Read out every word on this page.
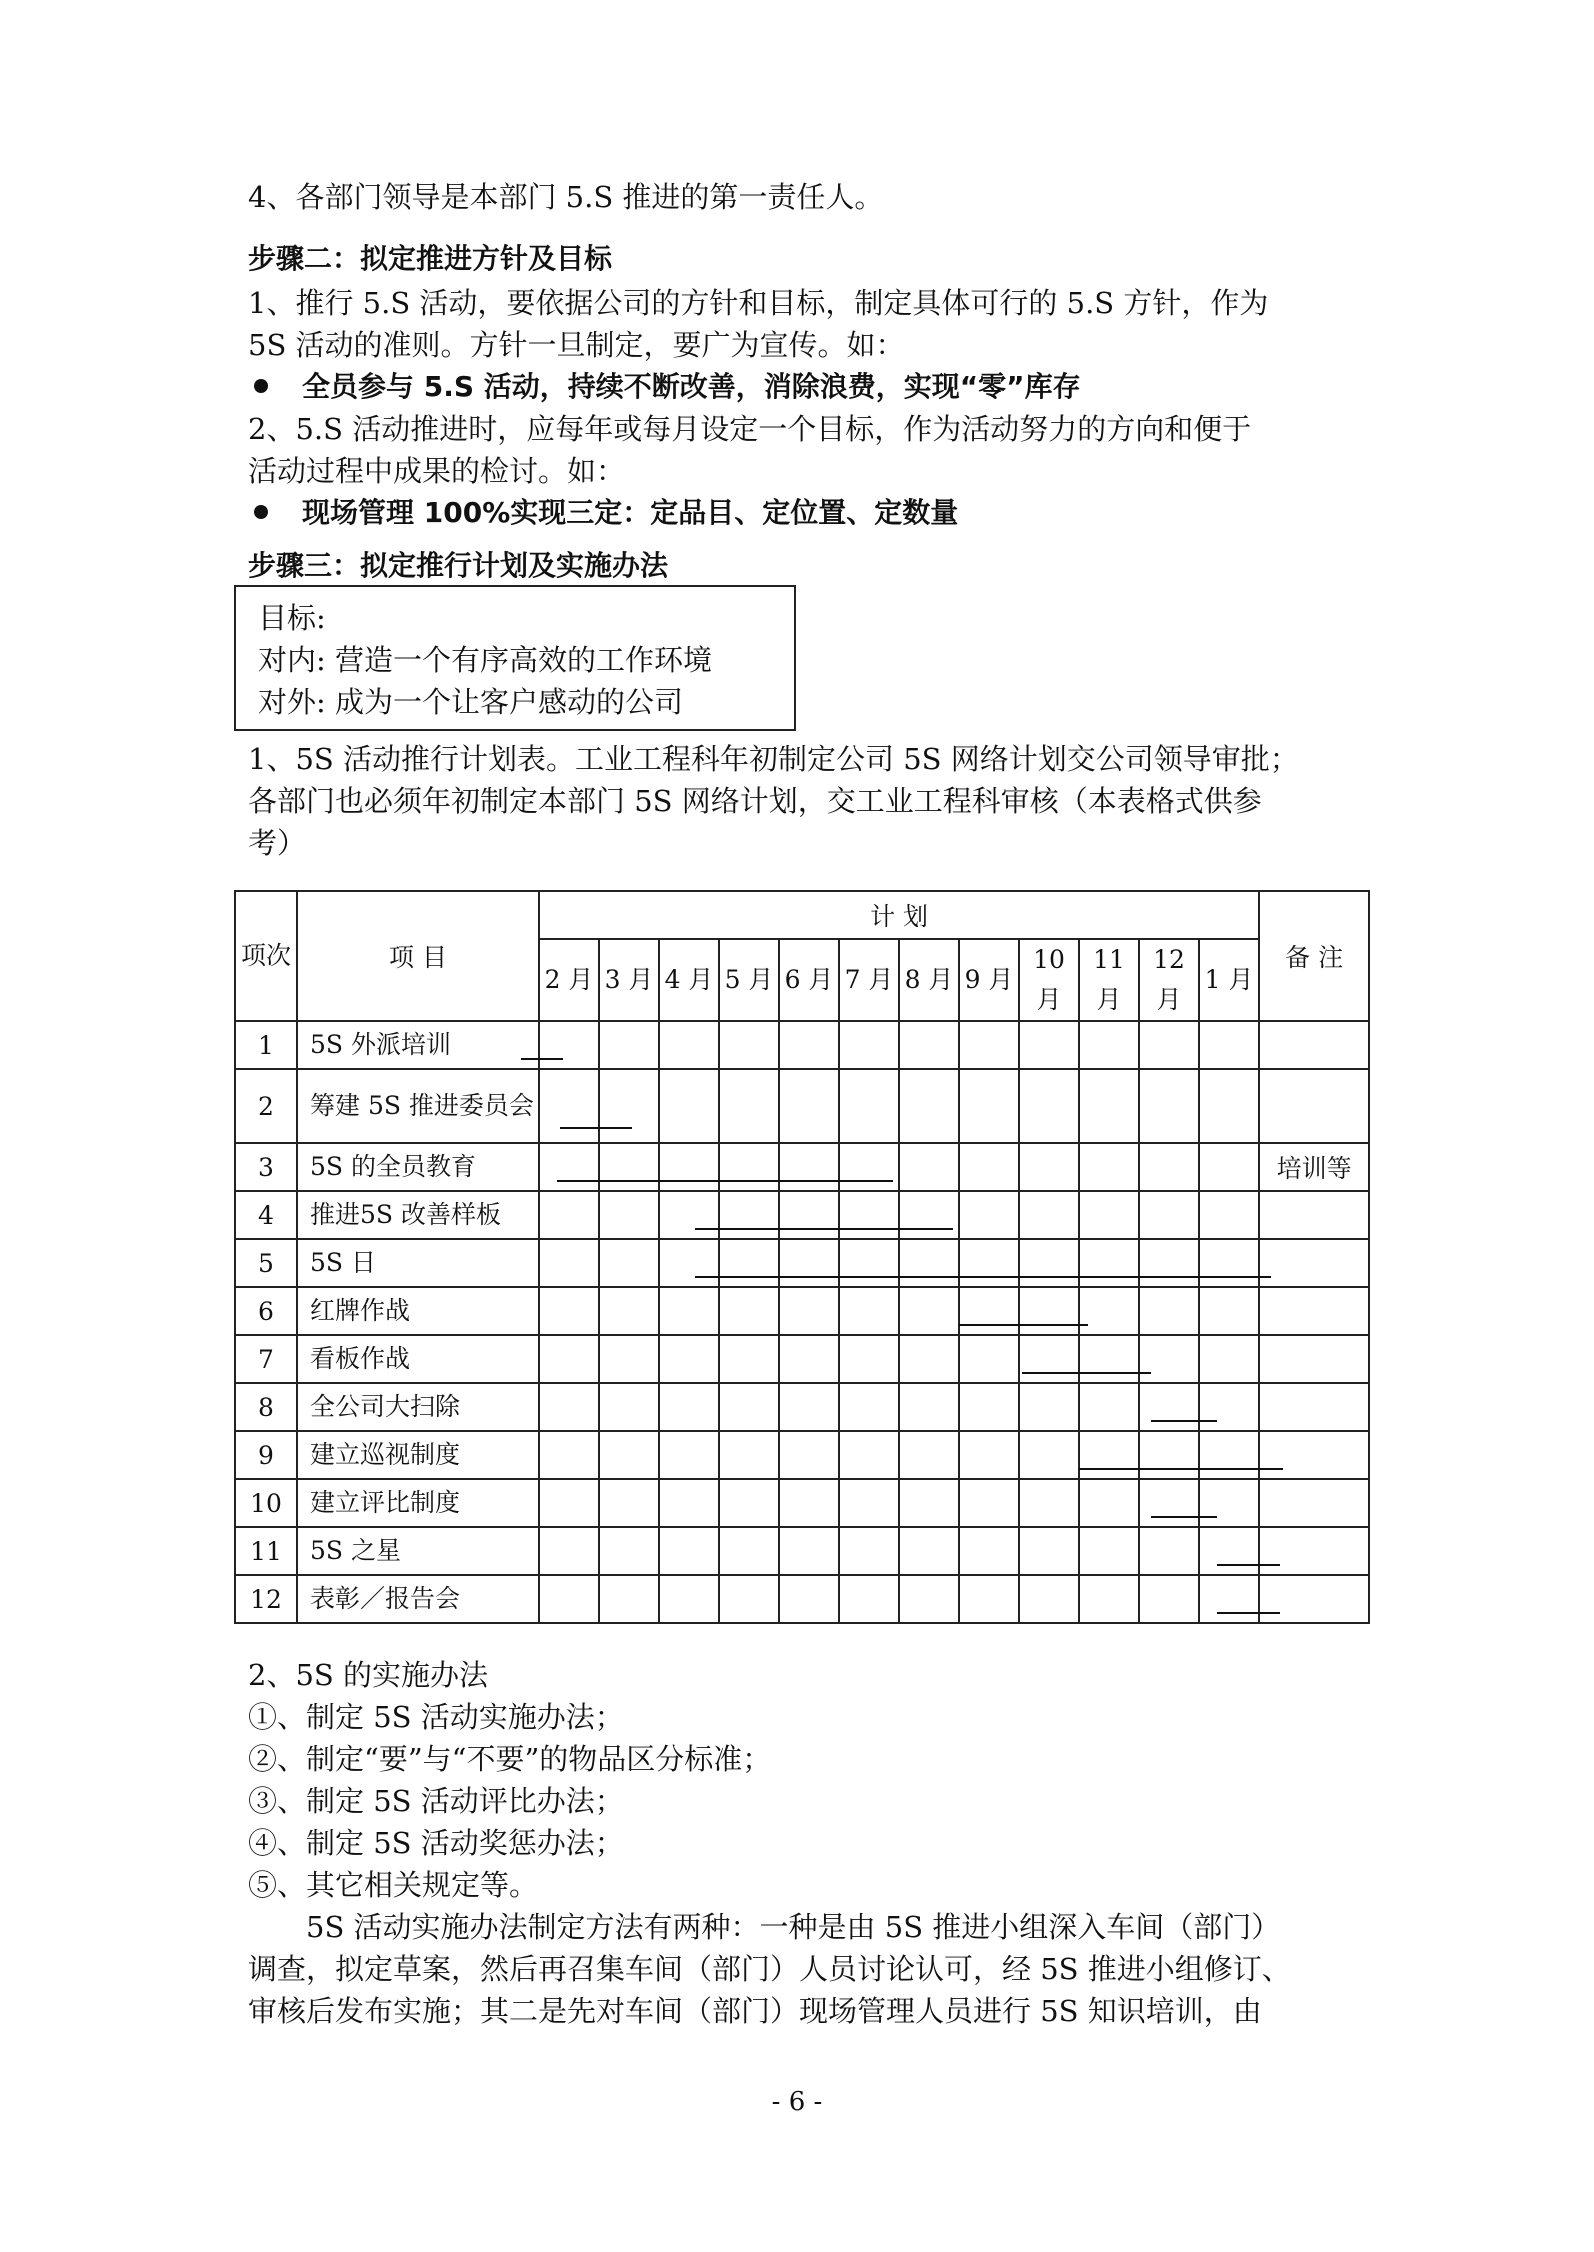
4、各部门领导是本部门 5.S 推进的第一责任人。
步骤二：拟定推进方针及目标
1、推行 5.S 活动，要依据公司的方针和目标，制定具体可行的 5.S 方针，作为
5S 活动的准则。方针一旦制定，要广为宣传。如：
全员参与 5.S 活动，持续不断改善，消除浪费，实现“零”库存
2、5.S 活动推进时，应每年或每月设定一个目标，作为活动努力的方向和便于
活动过程中成果的检讨。如：
现场管理 100%实现三定：定品目、定位置、定数量
步骤三：拟定推行计划及实施办法
目标:
对内: 营造一个有序高效的工作环境
对外: 成为一个让客户感动的公司
1、5S 活动推行计划表。工业工程科年初制定公司 5S 网络计划交公司领导审批；
各部门也必须年初制定本部门 5S 网络计划，交工业工程科审核（本表格式供参
考）
项次	项 目	计 划												备 注
		2 月	3 月	4 月	5 月	6 月	7 月	8 月	9 月	10 月	11 月	12 月	1 月	
1	5S 外派培训													
2	筹建 5S 推进委员会													
3	5S 的全员教育													培训等
4	推进5S 改善样板													
5	5S 日													
6	红牌作战													
7	看板作战													
8	全公司大扫除													
9	建立巡视制度													
10	建立评比制度													
11	5S 之星													
12	表彰／报告会													
2、5S 的实施办法
①、制定 5S 活动实施办法；
②、制定“要”与“不要”的物品区分标准；
③、制定 5S 活动评比办法；
④、制定 5S 活动奖惩办法；
⑤、其它相关规定等。
5S 活动实施办法制定方法有两种：一种是由 5S 推进小组深入车间（部门）
调查，拟定草案，然后再召集车间（部门）人员讨论认可，经 5S 推进小组修订、
审核后发布实施；其二是先对车间（部门）现场管理人员进行 5S 知识培训，由
- 6 -
